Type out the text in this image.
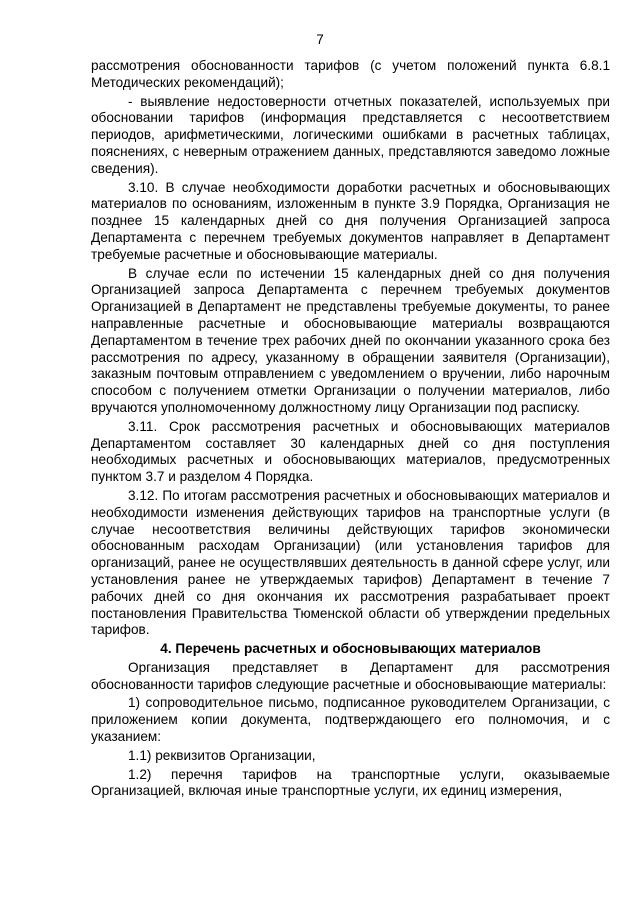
7

рассмотрения обоснованности тарифов (с учетом положений пункта 6.8.1 Методических рекомендаций);

- выявление недостоверности отчетных показателей, используемых при обосновании тарифов (информация представляется с несоответствием периодов, арифметическими, логическими ошибками в расчетных таблицах, пояснениях, с неверным отражением данных, представляются заведомо ложные сведения).

3.10. В случае необходимости доработки расчетных и обосновывающих материалов по основаниям, изложенным в пункте 3.9 Порядка, Организация не позднее 15 календарных дней со дня получения Организацией запроса Департамента с перечнем требуемых документов направляет в Департамент требуемые расчетные и обосновывающие материалы.

В случае если по истечении 15 календарных дней со дня получения Организацией запроса Департамента с перечнем требуемых документов Организацией в Департамент не представлены требуемые документы, то ранее направленные расчетные и обосновывающие материалы возвращаются Департаментом в течение трех рабочих дней по окончании указанного срока без рассмотрения по адресу, указанному в обращении заявителя (Организации), заказным почтовым отправлением с уведомлением о вручении, либо нарочным способом с получением отметки Организации о получении материалов, либо вручаются уполномоченному должностному лицу Организации под расписку.

3.11. Срок рассмотрения расчетных и обосновывающих материалов Департаментом составляет 30 календарных дней со дня поступления необходимых расчетных и обосновывающих материалов, предусмотренных пунктом 3.7 и разделом 4 Порядка.

3.12. По итогам рассмотрения расчетных и обосновывающих материалов и необходимости изменения действующих тарифов на транспортные услуги (в случае несоответствия величины действующих тарифов экономически обоснованным расходам Организации) (или установления тарифов для организаций, ранее не осуществлявших деятельность в данной сфере услуг, или установления ранее не утверждаемых тарифов) Департамент в течение 7 рабочих дней со дня окончания их рассмотрения разрабатывает проект постановления Правительства Тюменской области об утверждении предельных тарифов.

4. Перечень расчетных и обосновывающих материалов

Организация представляет в Департамент для рассмотрения обоснованности тарифов следующие расчетные и обосновывающие материалы:

1) сопроводительное письмо, подписанное руководителем Организации, с приложением копии документа, подтверждающего его полномочия, и с указанием:

1.1) реквизитов Организации,

1.2) перечня тарифов на транспортные услуги, оказываемые Организацией, включая иные транспортные услуги, их единиц измерения,
